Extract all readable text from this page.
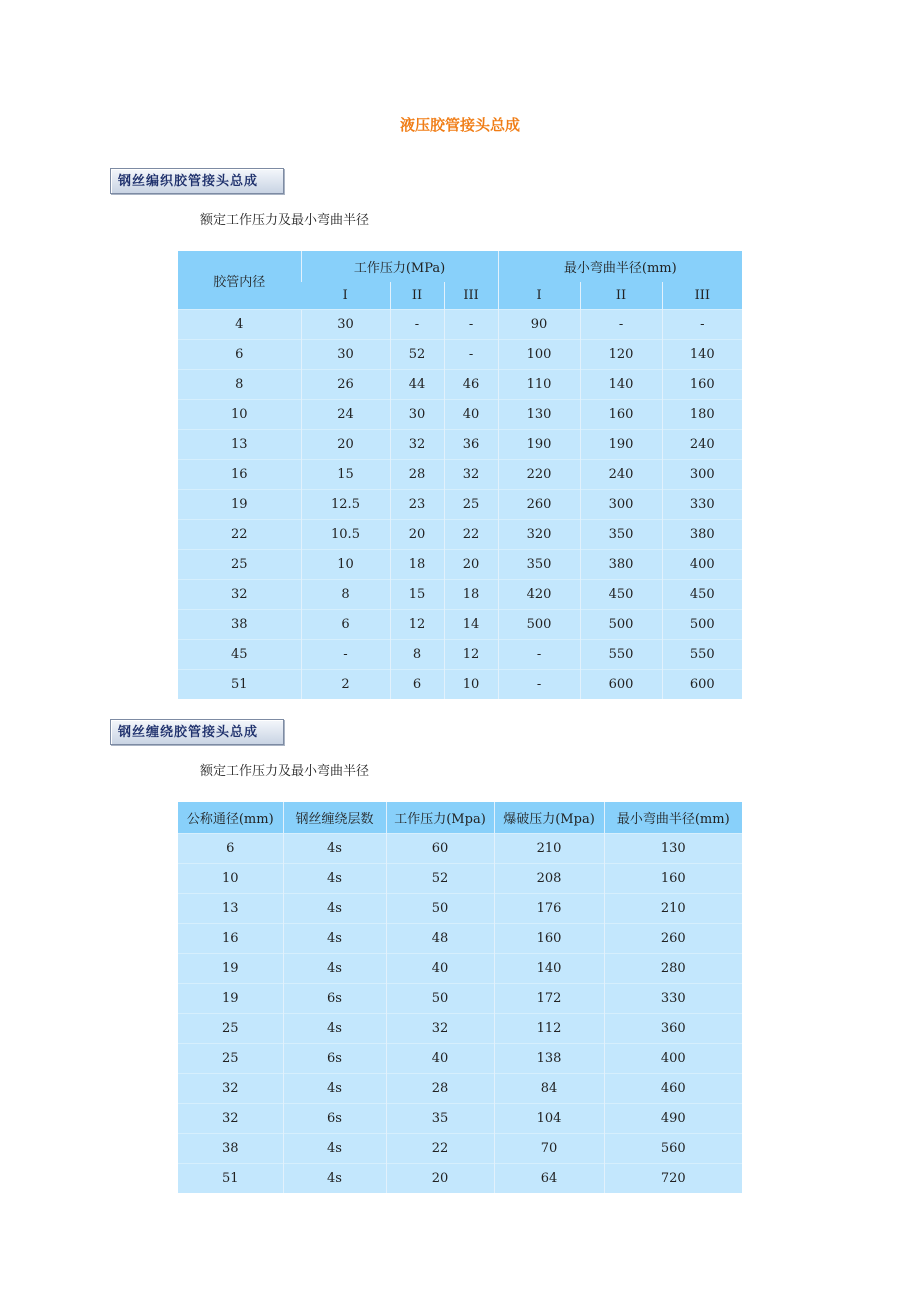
液压胶管接头总成
钢丝编织胶管接头总成
额定工作压力及最小弯曲半径
胶管内径	工作压力(MPa)			最小弯曲半径(mm)		
	I	II	III	I	II	III
4	30	-	-	90	-	-
6	30	52	-	100	120	140
8	26	44	46	110	140	160
10	24	30	40	130	160	180
13	20	32	36	190	190	240
16	15	28	32	220	240	300
19	12.5	23	25	260	300	330
22	10.5	20	22	320	350	380
25	10	18	20	350	380	400
32	8	15	18	420	450	450
38	6	12	14	500	500	500
45	-	8	12	-	550	550
51	2	6	10	-	600	600
钢丝缠绕胶管接头总成
额定工作压力及最小弯曲半径
公称通径(mm)	钢丝缠绕层数	工作压力(Mpa)	爆破压力(Mpa)	最小弯曲半径(mm)
6	4s	60	210	130
10	4s	52	208	160
13	4s	50	176	210
16	4s	48	160	260
19	4s	40	140	280
19	6s	50	172	330
25	4s	32	112	360
25	6s	40	138	400
32	4s	28	84	460
32	6s	35	104	490
38	4s	22	70	560
51	4s	20	64	720
